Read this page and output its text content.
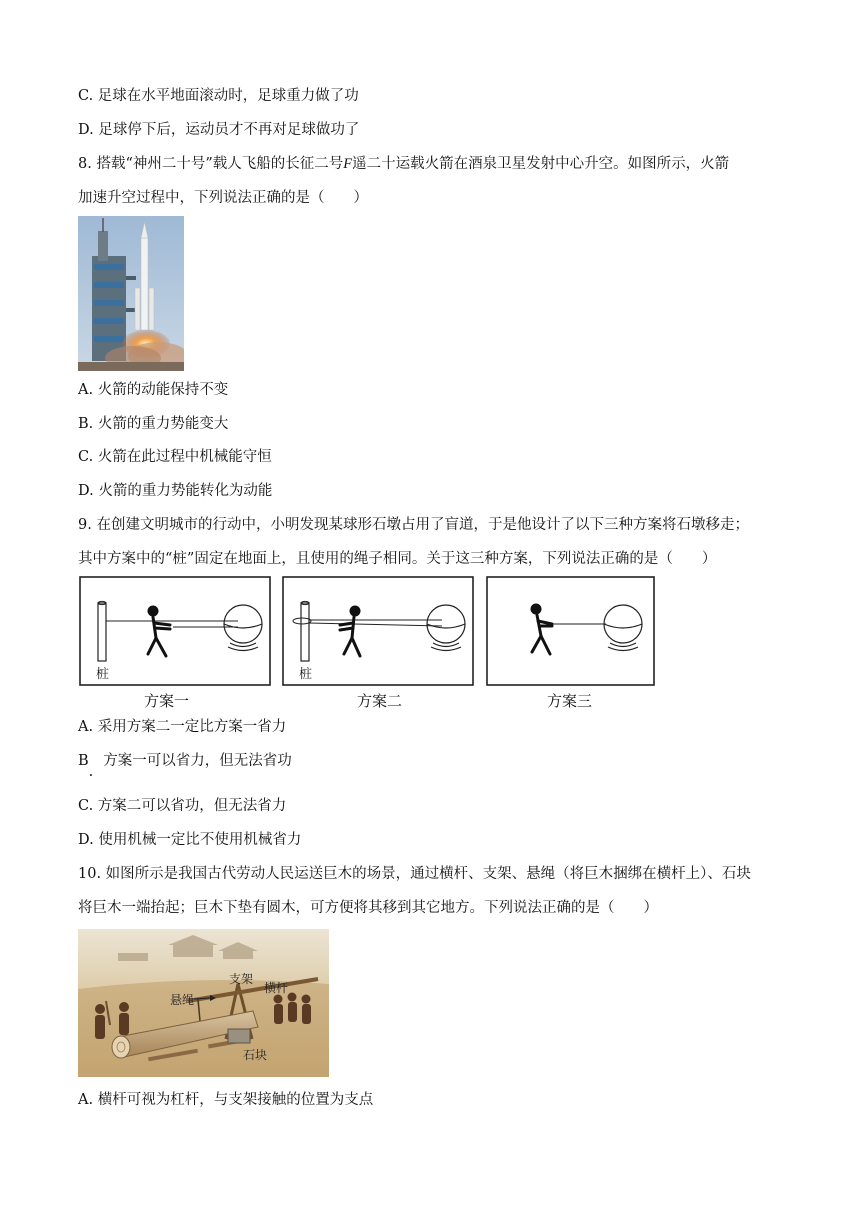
C. 足球在水平地面滚动时，足球重力做了功
D. 足球停下后，运动员才不再对足球做功了
8. 搭载“神州二十号”载人飞船的长征二号F遥二十运载火箭在酒泉卫星发射中心升空。如图所示，火箭
加速升空过程中，下列说法正确的是（　　）
A. 火箭的动能保持不变
B. 火箭的重力势能变大
C. 火箭在此过程中机械能守恒
D. 火箭的重力势能转化为动能
9. 在创建文明城市的行动中，小明发现某球形石墩占用了盲道，于是他设计了以下三种方案将石墩移走；
其中方案中的“桩”固定在地面上，且使用的绳子相同。关于这三种方案，下列说法正确的是（　　）
桩	桩
方案一	方案二	方案三
A. 采用方案二一定比方案一省力
B.方案一可以省力，但无法省功
C. 方案二可以省功，但无法省力
D. 使用机械一定比不使用机械省力
10. 如图所示是我国古代劳动人民运送巨木的场景，通过横杆、支架、悬绳（将巨木捆绑在横杆上）、石块
将巨木一端抬起；巨木下垫有圆木，可方便将其移到其它地方。下列说法正确的是（　　）
支架
横杆
悬绳
石块
A. 横杆可视为杠杆，与支架接触的位置为支点
